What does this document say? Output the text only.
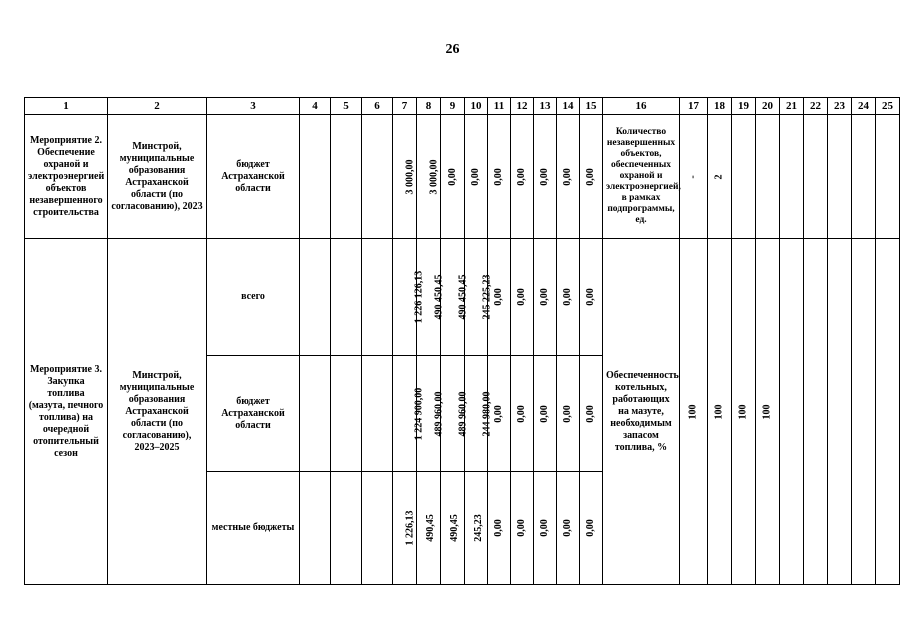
26
1	2	3	4	5	6	7	8	9	10	11	12	13	14	15	16	17	18	19	20	21	22	23	24	25
Мероприятие 2. Обеспечение охраной и электроэнергией объектов незавершенного строительства	Минстрой, муниципальные образования Астраханской области (по согласованию), 2023	бюджет Астраханской области				3 000,00	3 000,00	0,00	0,00	0,00	0,00	0,00	0,00	0,00	Количество незавершенных объектов, обеспеченных охраной и электроэнергией, в рамках подпрограммы, ед.	-	2							
Мероприятие 3. Закупка топлива (мазута, печного топлива) на очередной отопительный сезон	Минстрой, муниципальные образования Астраханской области (по согласованию), 2023–2025	всего				1 226 126,13	490 450,45	490 450,45	245 225,23	0,00	0,00	0,00	0,00	0,00	Обеспеченность котельных, работающих на мазуте, необходимым запасом топлива, %	100	100	100	100					
		бюджет Астраханской области				1 224 900,00	489 960,00	489 960,00	244 980,00	0,00	0,00	0,00	0,00	0,00										
		местные бюджеты				1 226,13	490,45	490,45	245,23	0,00	0,00	0,00	0,00	0,00										
